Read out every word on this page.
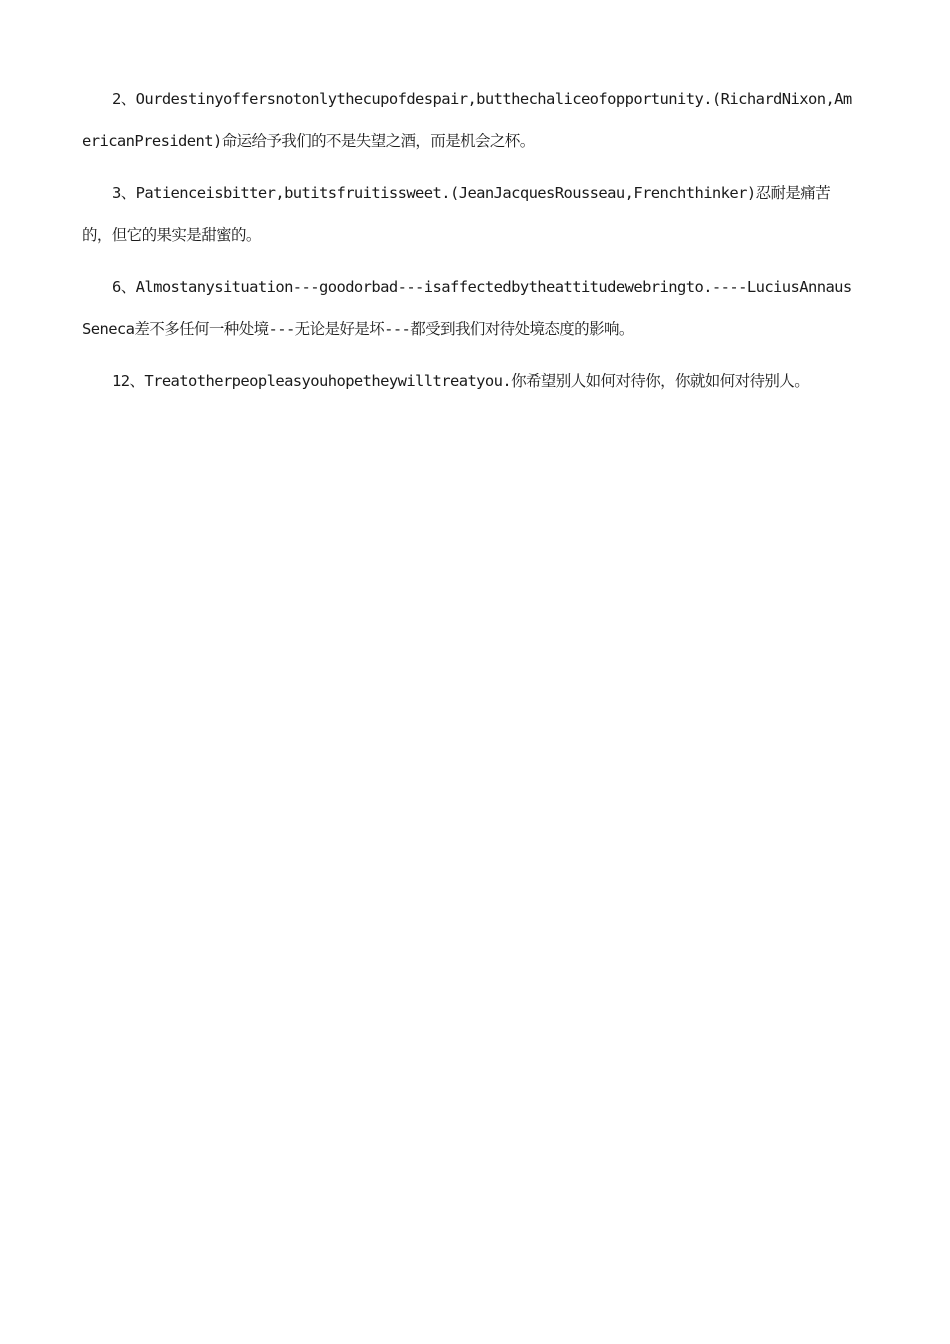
2、Ourdestinyoffersnotonlythecupofdespair,butthechaliceofopportunity.(RichardNixon,AmericanPresident)命运给予我们的不是失望之酒，而是机会之杯。

3、Patienceisbitter,butitsfruitissweet.(JeanJacquesRousseau,Frenchthinker)忍耐是痛苦的，但它的果实是甜蜜的。

6、Almostanysituation---goodorbad---isaffectedbytheattitudewebringto.----LuciusAnnausSeneca差不多任何一种处境---无论是好是坏---都受到我们对待处境态度的影响。

12、Treatotherpeopleasyouhopetheywilltreatyou.你希望别人如何对待你，你就如何对待别人。
